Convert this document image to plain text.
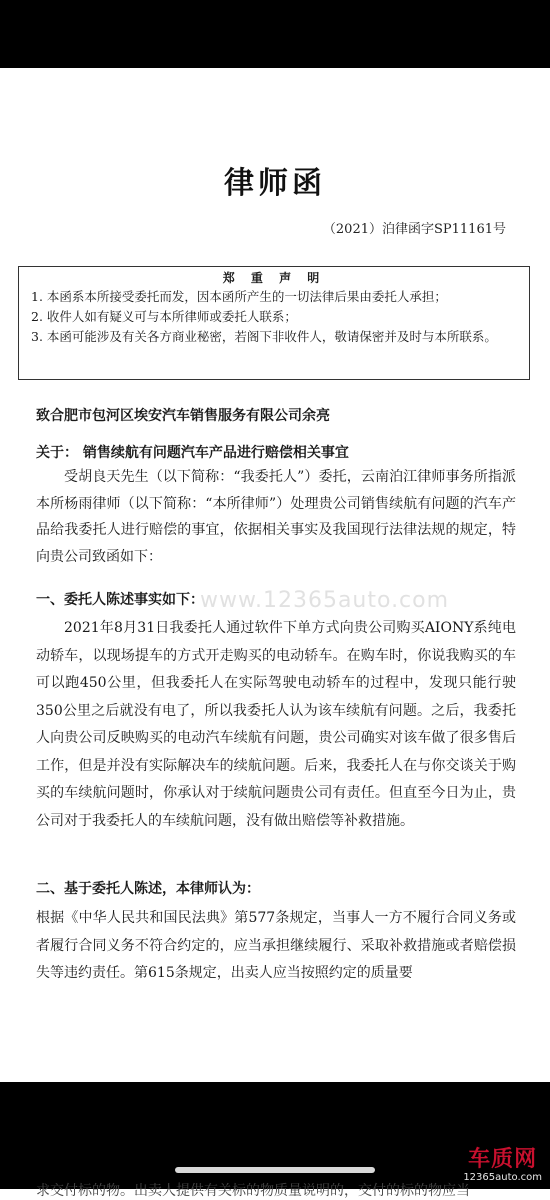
律师函
（2021）泊律函字SP11161号
郑 重 声 明
1. 本函系本所接受委托而发，因本函所产生的一切法律后果由委托人承担；
2. 收件人如有疑义可与本所律师或委托人联系；
3. 本函可能涉及有关各方商业秘密，若阁下非收件人，敬请保密并及时与本所联系。
致合肥市包河区埃安汽车销售服务有限公司余亮
关于： 销售续航有问题汽车产品进行赔偿相关事宜
受胡良天先生（以下简称：“我委托人”）委托，云南泊江律师事务所指派本所杨雨律师（以下简称：“本所律师”）处理贵公司销售续航有问题的汽车产品给我委托人进行赔偿的事宜，依据相关事实及我国现行法律法规的规定，特向贵公司致函如下：
一、委托人陈述事实如下：
www.12365auto.com
2021年8月31日我委托人通过软件下单方式向贵公司购买AIONY系纯电动轿车，以现场提车的方式开走购买的电动轿车。在购车时，你说我购买的车可以跑450公里，但我委托人在实际驾驶电动轿车的过程中，发现只能行驶350公里之后就没有电了，所以我委托人认为该车续航有问题。之后，我委托人向贵公司反映购买的电动汽车续航有问题，贵公司确实对该车做了很多售后工作，但是并没有实际解决车的续航问题。后来，我委托人在与你交谈关于购买的车续航问题时，你承认对于续航问题贵公司有责任。但直至今日为止，贵公司对于我委托人的车续航问题，没有做出赔偿等补救措施。
二、基于委托人陈述，本律师认为：
根据《中华人民共和国民法典》第577条规定，当事人一方不履行合同义务或者履行合同义务不符合约定的，应当承担继续履行、采取补救措施或者赔偿损失等违约责任。第615条规定，出卖人应当按照约定的质量要
求交付标的物。出卖人提供有关标的物质量说明的，交付的标的物应当
车质网
12365auto.com
